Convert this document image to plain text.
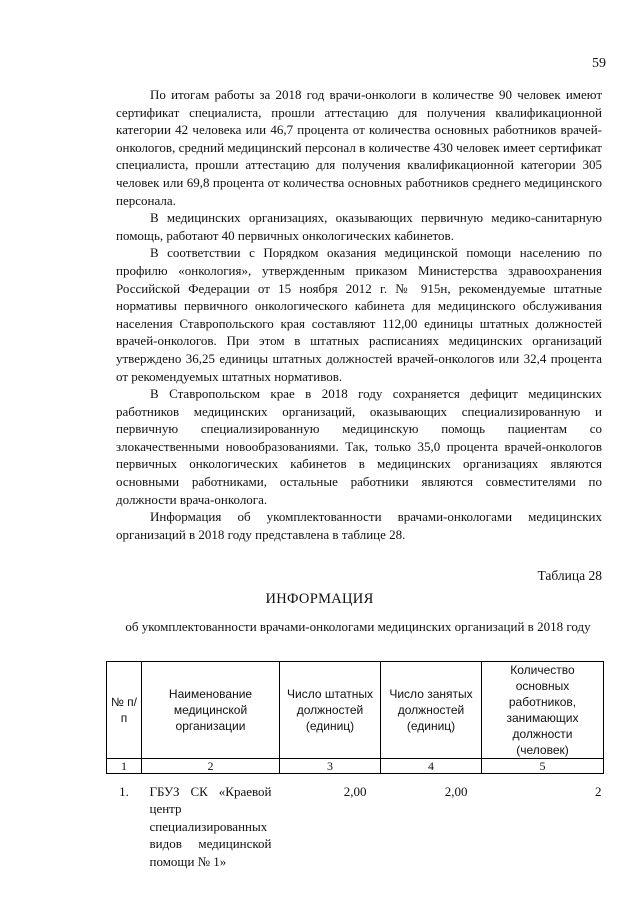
59

По итогам работы за 2018 год врачи-онкологи в количестве 90 человек имеют сертификат специалиста, прошли аттестацию для получения квалификационной категории 42 человека или 46,7 процента от количества основных работников врачей-онкологов, средний медицинский персонал в количестве 430 человек имеет сертификат специалиста, прошли аттестацию для получения квалификационной категории 305 человек или 69,8 процента от количества основных работников среднего медицинского персонала.

В медицинских организациях, оказывающих первичную медико-санитарную помощь, работают 40 первичных онкологических кабинетов.

В соответствии с Порядком оказания медицинской помощи населению по профилю «онкология», утвержденным приказом Министерства здравоохранения Российской Федерации от 15 ноября 2012 г. № 915н, рекомендуемые штатные нормативы первичного онкологического кабинета для медицинского обслуживания населения Ставропольского края составляют 112,00 единицы штатных должностей врачей-онкологов. При этом в штатных расписаниях медицинских организаций утверждено 36,25 единицы штатных должностей врачей-онкологов или 32,4 процента от рекомендуемых штатных нормативов.

В Ставропольском крае в 2018 году сохраняется дефицит медицинских работников медицинских организаций, оказывающих специализированную и первичную специализированную медицинскую помощь пациентам со злокачественными новообразованиями. Так, только 35,0 процента врачей-онкологов первичных онкологических кабинетов в медицинских организациях являются основными работниками, остальные работники являются совместителями по должности врача-онколога.

Информация об укомплектованности врачами-онкологами медицинских организаций в 2018 году представлена в таблице 28.

Таблица 28
ИНФОРМАЦИЯ
об укомплектованности врачами-онкологами медицинских организаций в 2018 году
№ п/п	Наименование медицинской организации	Число штатных должностей (единиц)	Число занятых должностей (единиц)	Количество основных работников, занимающих должности (человек)
1	2	3	4	5
1.	ГБУЗ СК «Краевой центр специализированных видов медицинской помощи № 1»	2,00	2,00	2
